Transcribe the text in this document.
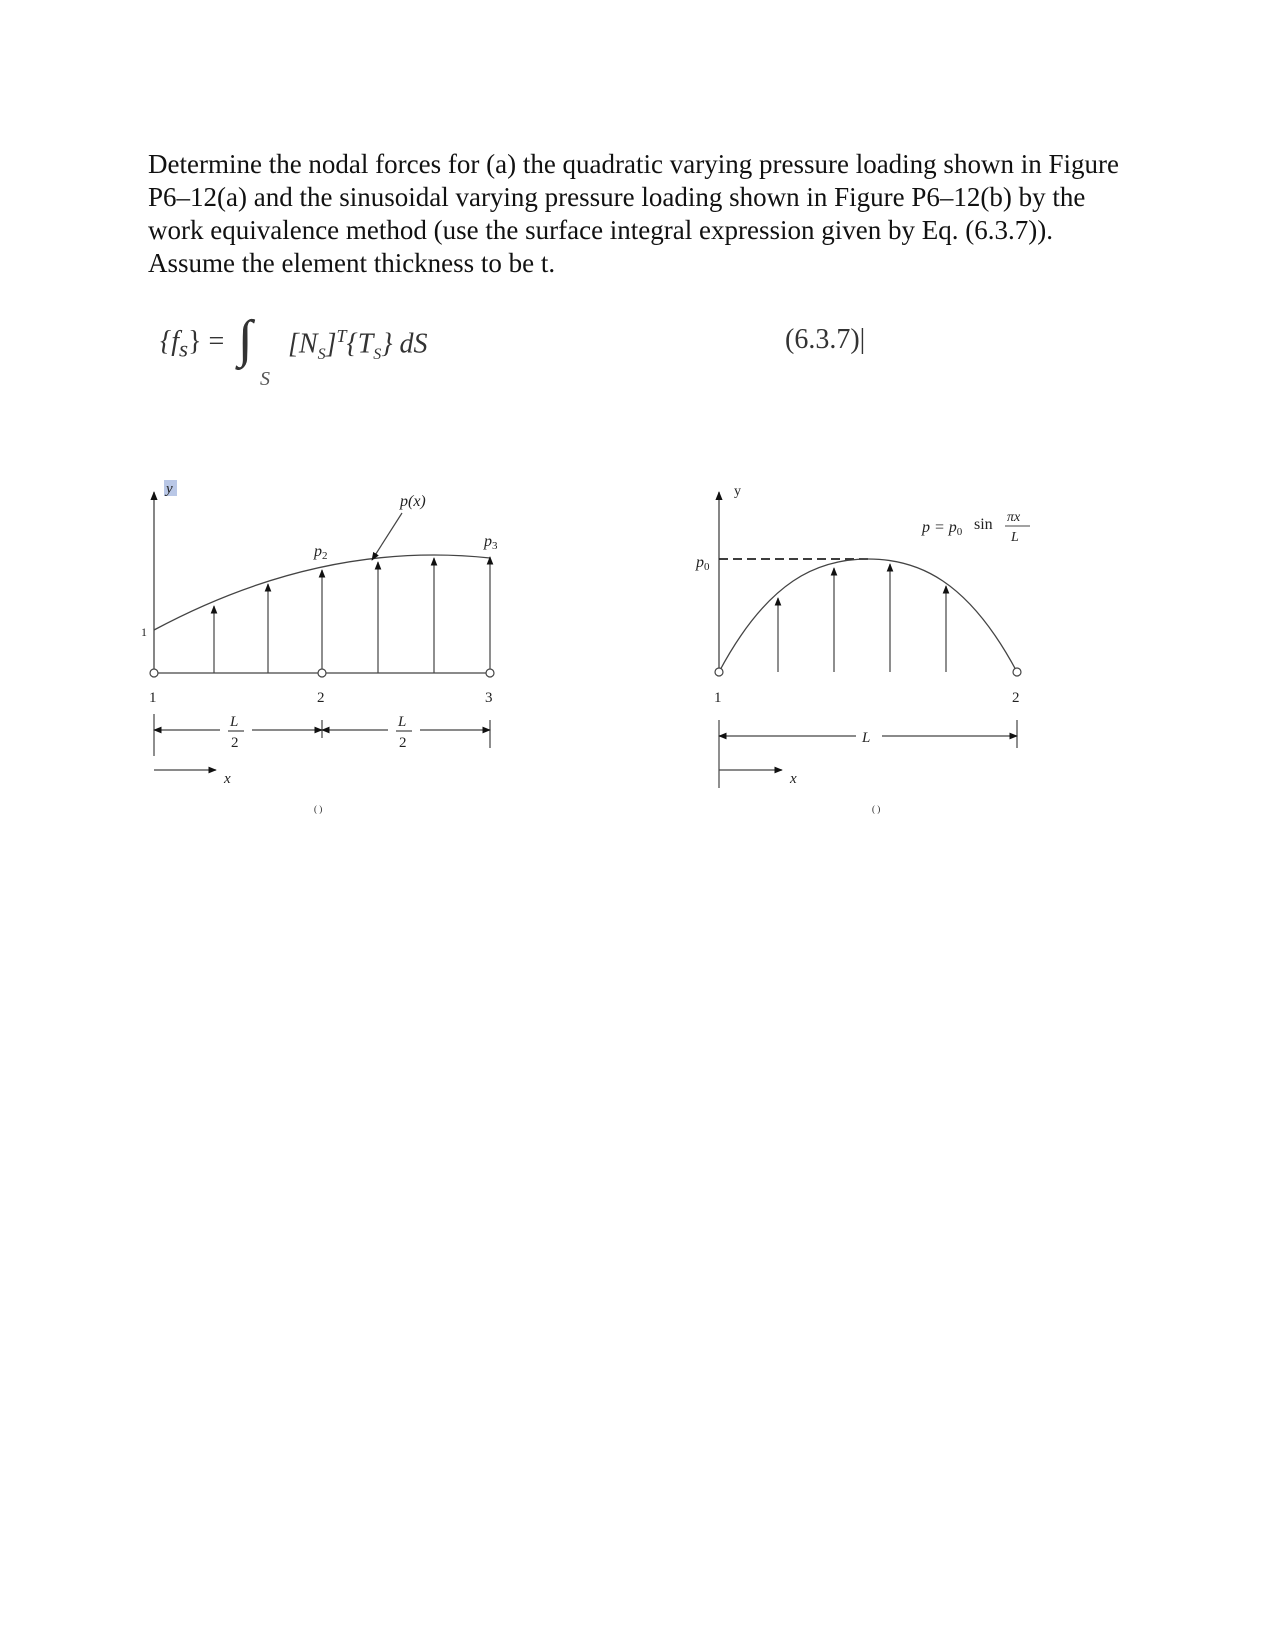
Determine the nodal forces for (a) the quadratic varying pressure loading shown in Figure P6–12(a) and the sinusoidal varying pressure loading shown in Figure P6–12(b) by the work equivalence method (use the surface integral expression given by Eq. (6.3.7)). Assume the element thickness to be t.

$\{f_s\}$ = ∫∫
S
$[N_S]^T\{T_S\}$ dS	(6.3.7)|
y
p(x)
p2
p3
1
1	2	3
L
2
L
2
x
( )
y
p0
p = p0 sin πx
L
1	2
L
x
( )
